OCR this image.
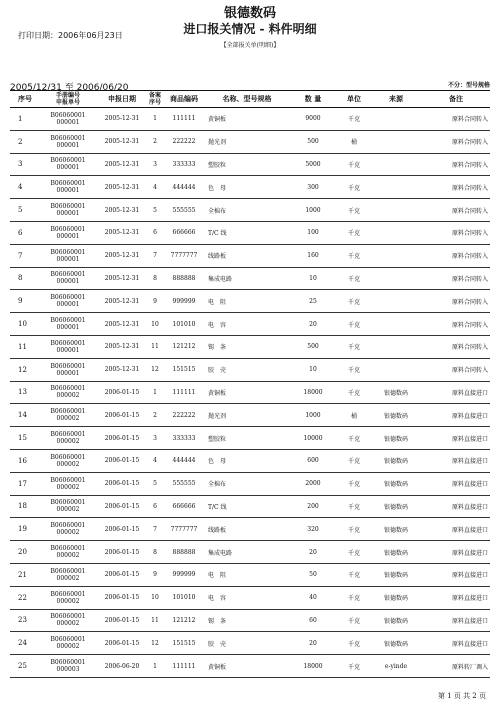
打印日期：2006年06月23日
银德数码
进口报关情况 - 料件明细
【全部报关单(明细)】
2005/12/31 至 2006/06/20	不分：型号规格
序号	手册编号
申报单号	申报日期	备案
序号	商品编码	名称、型号规格	数 量	单位	来源	备注
1	B06060001
000001	2005-12-31	1	111111	黄铜板	9000	千克		原料合同转入
2	B06060001
000001	2005-12-31	2	222222	抛光剂	500	桶		原料合同转入
3	B06060001
000001	2005-12-31	3	333333	塑胶粒	5000	千克		原料合同转入
4	B06060001
000001	2005-12-31	4	444444	色　母	300	千克		原料合同转入
5	B06060001
000001	2005-12-31	5	555555	全棉布	1000	千克		原料合同转入
6	B06060001
000001	2005-12-31	6	666666	T/C 线	100	千克		原料合同转入
7	B06060001
000001	2005-12-31	7	7777777	线路板	160	千克		原料合同转入
8	B06060001
000001	2005-12-31	8	888888	集成电路	10	千克		原料合同转入
9	B06060001
000001	2005-12-31	9	999999	电　阻	25	千克		原料合同转入
10	B06060001
000001	2005-12-31	10	101010	电　容	20	千克		原料合同转入
11	B06060001
000001	2005-12-31	11	121212	锡　条	500	千克		原料合同转入
12	B06060001
000001	2005-12-31	12	151515	胶　壳	10	千克		原料合同转入
13	B06060001
000002	2006-01-15	1	111111	黄铜板	18000	千克	银德数码	原料直接进口
14	B06060001
000002	2006-01-15	2	222222	抛光剂	1000	桶	银德数码	原料直接进口
15	B06060001
000002	2006-01-15	3	333333	塑胶粒	10000	千克	银德数码	原料直接进口
16	B06060001
000002	2006-01-15	4	444444	色　母	600	千克	银德数码	原料直接进口
17	B06060001
000002	2006-01-15	5	555555	全棉布	2000	千克	银德数码	原料直接进口
18	B06060001
000002	2006-01-15	6	666666	T/C 线	200	千克	银德数码	原料直接进口
19	B06060001
000002	2006-01-15	7	7777777	线路板	320	千克	银德数码	原料直接进口
20	B06060001
000002	2006-01-15	8	888888	集成电路	20	千克	银德数码	原料直接进口
21	B06060001
000002	2006-01-15	9	999999	电　阻	50	千克	银德数码	原料直接进口
22	B06060001
000002	2006-01-15	10	101010	电　容	40	千克	银德数码	原料直接进口
23	B06060001
000002	2006-01-15	11	121212	锡　条	60	千克	银德数码	原料直接进口
24	B06060001
000002	2006-01-15	12	151515	胶　壳	20	千克	银德数码	原料直接进口
25	B06060001
000003	2006-06-20	1	111111	黄铜板	18000	千克	e-yinde	原料转厂调入
第 1 页 共 2 页
